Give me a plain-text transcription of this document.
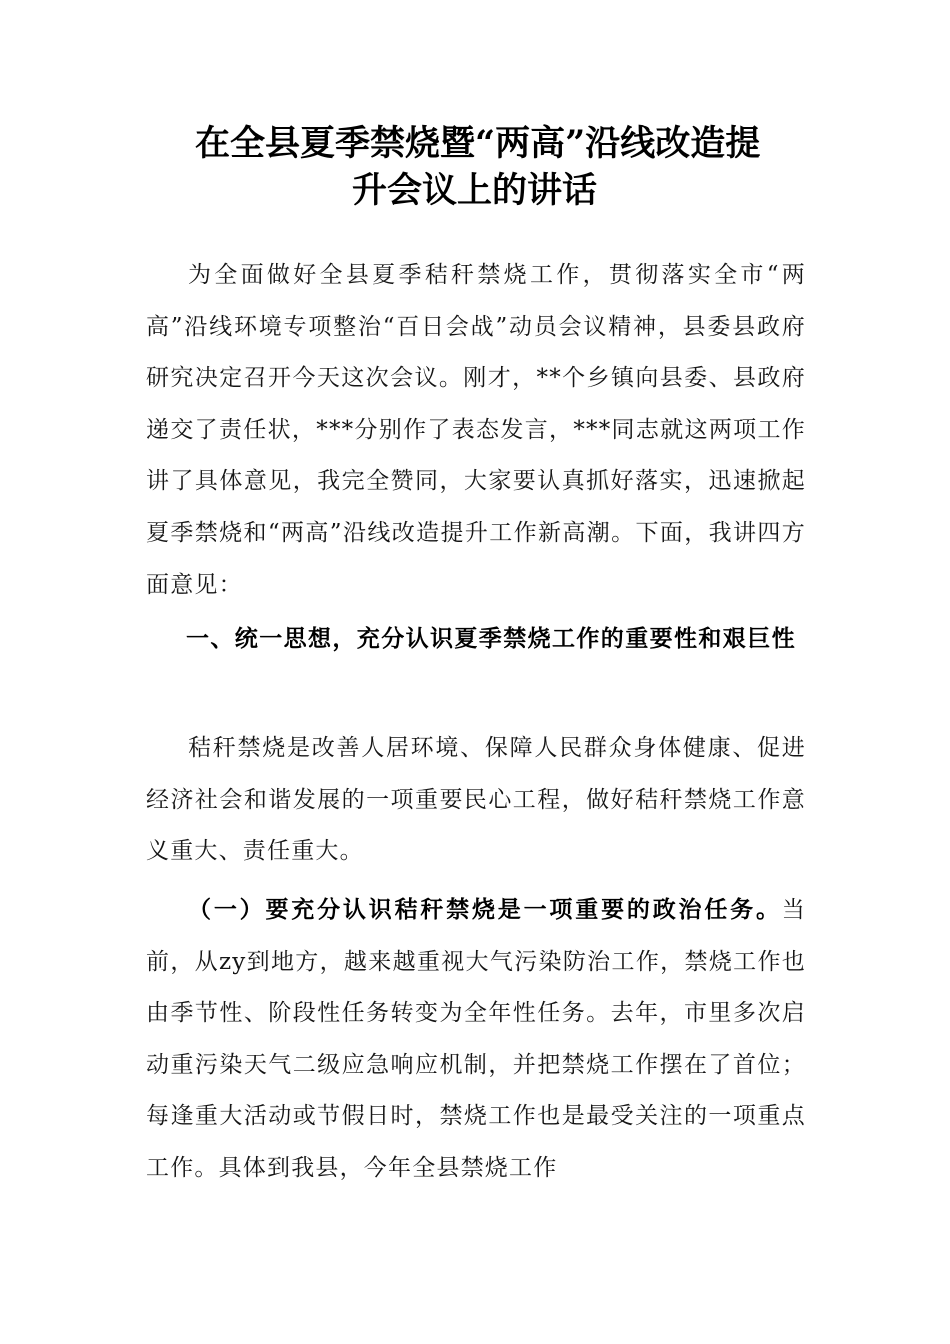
在全县夏季禁烧暨“两高”沿线改造提
升会议上的讲话

为全面做好全县夏季秸秆禁烧工作，贯彻落实全市“两高”沿线环境专项整治“百日会战”动员会议精神，县委县政府研究决定召开今天这次会议。刚才，**个乡镇向县委、县政府递交了责任状，***分别作了表态发言，***同志就这两项工作讲了具体意见，我完全赞同，大家要认真抓好落实，迅速掀起夏季禁烧和“两高”沿线改造提升工作新高潮。下面，我讲四方面意见：

一、统一思想，充分认识夏季禁烧工作的重要性和艰巨性

秸秆禁烧是改善人居环境、保障人民群众身体健康、促进经济社会和谐发展的一项重要民心工程，做好秸秆禁烧工作意义重大、责任重大。

（一）要充分认识秸秆禁烧是一项重要的政治任务。当前，从zy到地方，越来越重视大气污染防治工作，禁烧工作也由季节性、阶段性任务转变为全年性任务。去年，市里多次启动重污染天气二级应急响应机制，并把禁烧工作摆在了首位；每逢重大活动或节假日时，禁烧工作也是最受关注的一项重点工作。具体到我县，今年全县禁烧工作
